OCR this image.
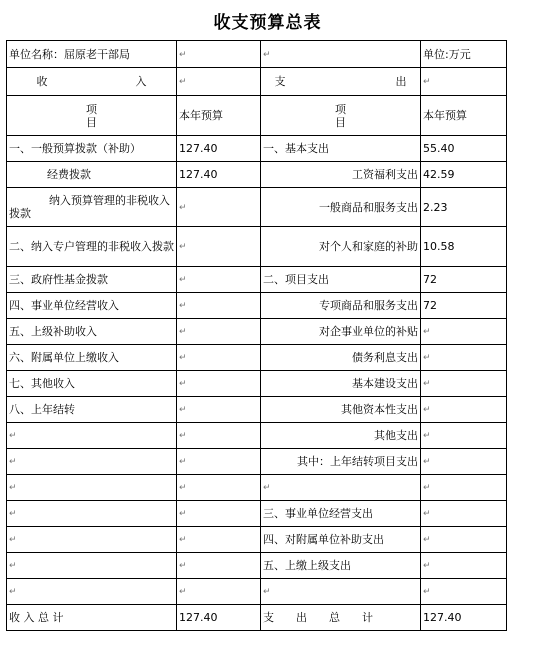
收支预算总表
单位名称：屈原老干部局	↵	↵	单位:万元
收　　　　　　　　入	↵	支　　　　　　　　　　出	↵
项
目	本年预算	项
目	本年预算
一、一般预算拨款（补助）	127.40	一、基本支出	55.40
经费拨款	127.40	工资福利支出	42.59
纳入预算管理的非税收入拨款	↵	一般商品和服务支出	2.23
二、纳入专户管理的非税收入拨款	↵	对个人和家庭的补助	10.58
三、政府性基金拨款	↵	二、项目支出	72
四、事业单位经营收入	↵	专项商品和服务支出	72
五、上级补助收入	↵	对企事业单位的补贴	↵
六、附属单位上缴收入	↵	债务利息支出	↵
七、其他收入	↵	基本建设支出	↵
八、上年结转	↵	其他资本性支出	↵
↵	↵	其他支出	↵
↵	↵	其中：上年结转项目支出	↵
↵	↵	↵	↵
↵	↵	三、事业单位经营支出	↵
↵	↵	四、对附属单位补助支出	↵
↵	↵	五、上缴上级支出	↵
↵	↵	↵	↵
收 入 总 计	127.40	支　　出　　总　　计	127.40
